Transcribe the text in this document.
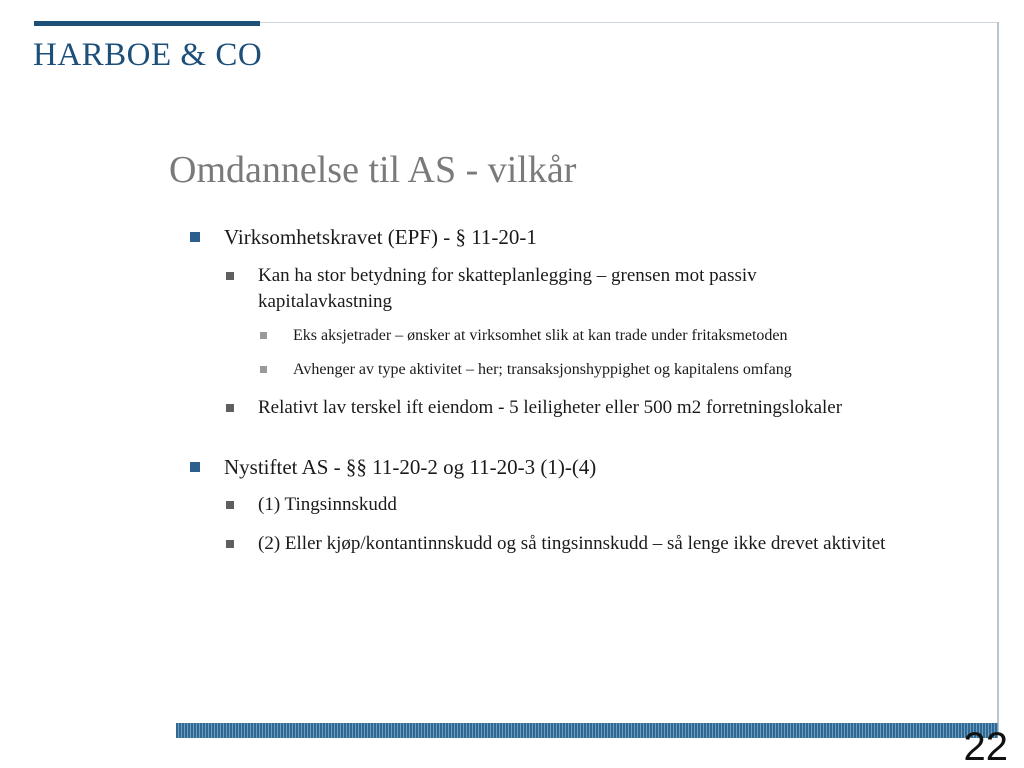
HARBOE & CO
Omdannelse til AS - vilkår
Virksomhetskravet (EPF) - § 11-20-1
Kan ha stor betydning for skatteplanlegging – grensen mot passiv kapitalavkastning
Eks aksjetrader – ønsker at virksomhet slik at kan trade under fritaksmetoden
Avhenger av type aktivitet – her; transaksjonshyppighet og kapitalens omfang
Relativt lav terskel ift eiendom - 5 leiligheter eller 500 m2 forretningslokaler
Nystiftet AS - §§ 11-20-2 og 11-20-3 (1)-(4)
(1) Tingsinnskudd
(2) Eller kjøp/kontantinnskudd og så tingsinnskudd – så lenge ikke drevet aktivitet
22
